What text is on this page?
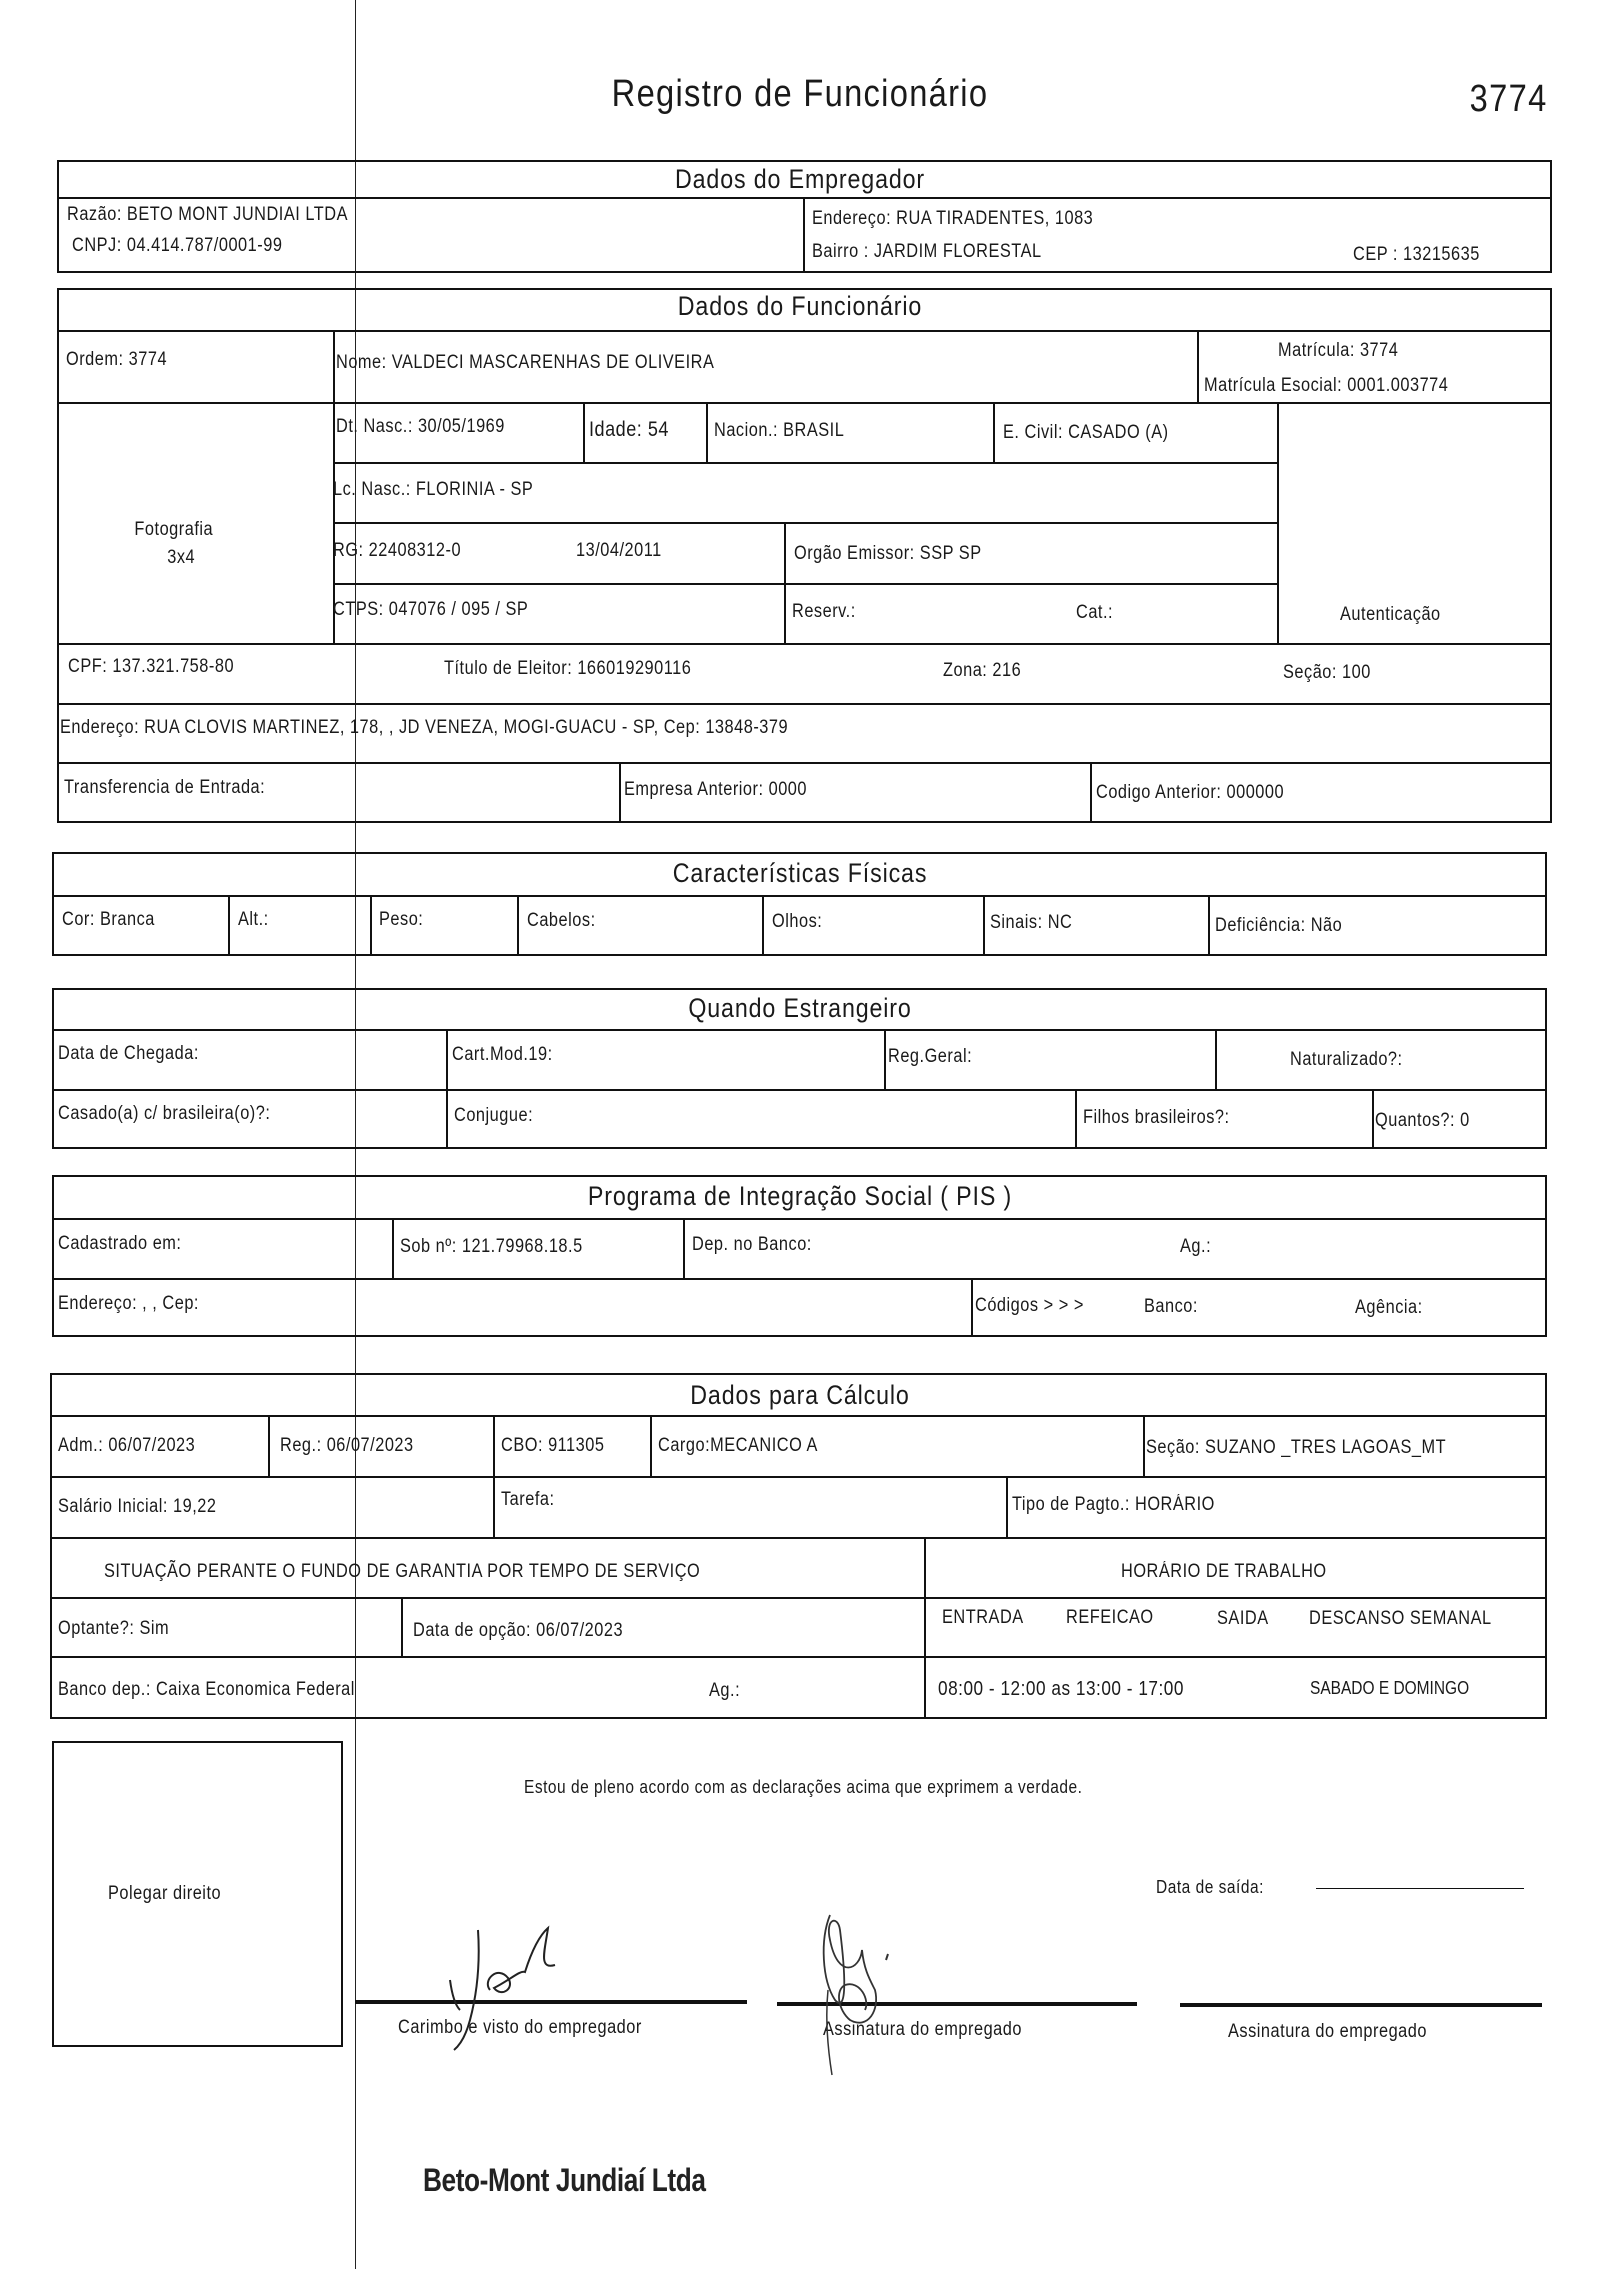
Registro de Funcionário	3774
Dados do Empregador
Razão: BETO MONT JUNDIAI LTDA
CNPJ: 04.414.787/0001-99
Endereço: RUA TIRADENTES, 1083
Bairro : JARDIM FLORESTAL	CEP : 13215635
Dados do Funcionário
Ordem: 3774	Nome: VALDECI MASCARENHAS DE OLIVEIRA
Matrícula: 3774
Matrícula Esocial: 0001.003774
Fotografia
3x4
Dt. Nasc.: 30/05/1969	Idade: 54 Nacion.: BRASIL	E. Civil: CASADO (A)
Lc. Nasc.: FLORINIA - SP
RG: 22408312-0	13/04/2011	Orgão Emissor: SSP SP
CTPS: 047076 / 095 / SP	Reserv.:	Cat.:	Autenticação
CPF: 137.321.758-80	Título de Eleitor: 166019290116	Zona: 216	Seção: 100
Endereço: RUA CLOVIS MARTINEZ, 178, , JD VENEZA, MOGI-GUACU - SP, Cep: 13848-379
Transferencia de Entrada:	Empresa Anterior: 0000	Codigo Anterior: 000000
Características Físicas
Cor: Branca	Alt.:	Peso:	Cabelos:	Olhos:	Sinais: NC	Deficiência: Não
Quando Estrangeiro
Data de Chegada:	Cart.Mod.19:	Reg.Geral:	Naturalizado?:
Casado(a) c/ brasileira(o)?:	Conjugue:	Filhos brasileiros?:	Quantos?: 0
Programa de Integração Social ( PIS )
Cadastrado em:	Sob nº: 121.79968.18.5	Dep. no Banco:	Ag.:
Endereço: , , Cep:	Códigos > > >	Banco:	Agência:
Dados para Cálculo
Adm.: 06/07/2023	Reg.: 06/07/2023	CBO: 911305	Cargo:MECANICO A	Seção: SUZANO _TRES LAGOAS_MT
Salário Inicial: 19,22	Tarefa:	Tipo de Pagto.: HORÁRIO
SITUAÇÃO PERANTE O FUNDO DE GARANTIA POR TEMPO DE SERVIÇO	HORÁRIO DE TRABALHO
Optante?: Sim	Data de opção: 06/07/2023
ENTRADA REFEICAO	SAIDA DESCANSO SEMANAL
Banco dep.: Caixa Economica Federal	Ag.:	08:00 - 12:00 as 13:00 - 17:00	SABADO E DOMINGO
Polegar direito
Estou de pleno acordo com as declarações acima que exprimem a verdade.
Data de saída:
Carimbo e visto do empregador	Assinatura do empregado	Assinatura do empregado
Beto-Mont Jundiaí Ltda
